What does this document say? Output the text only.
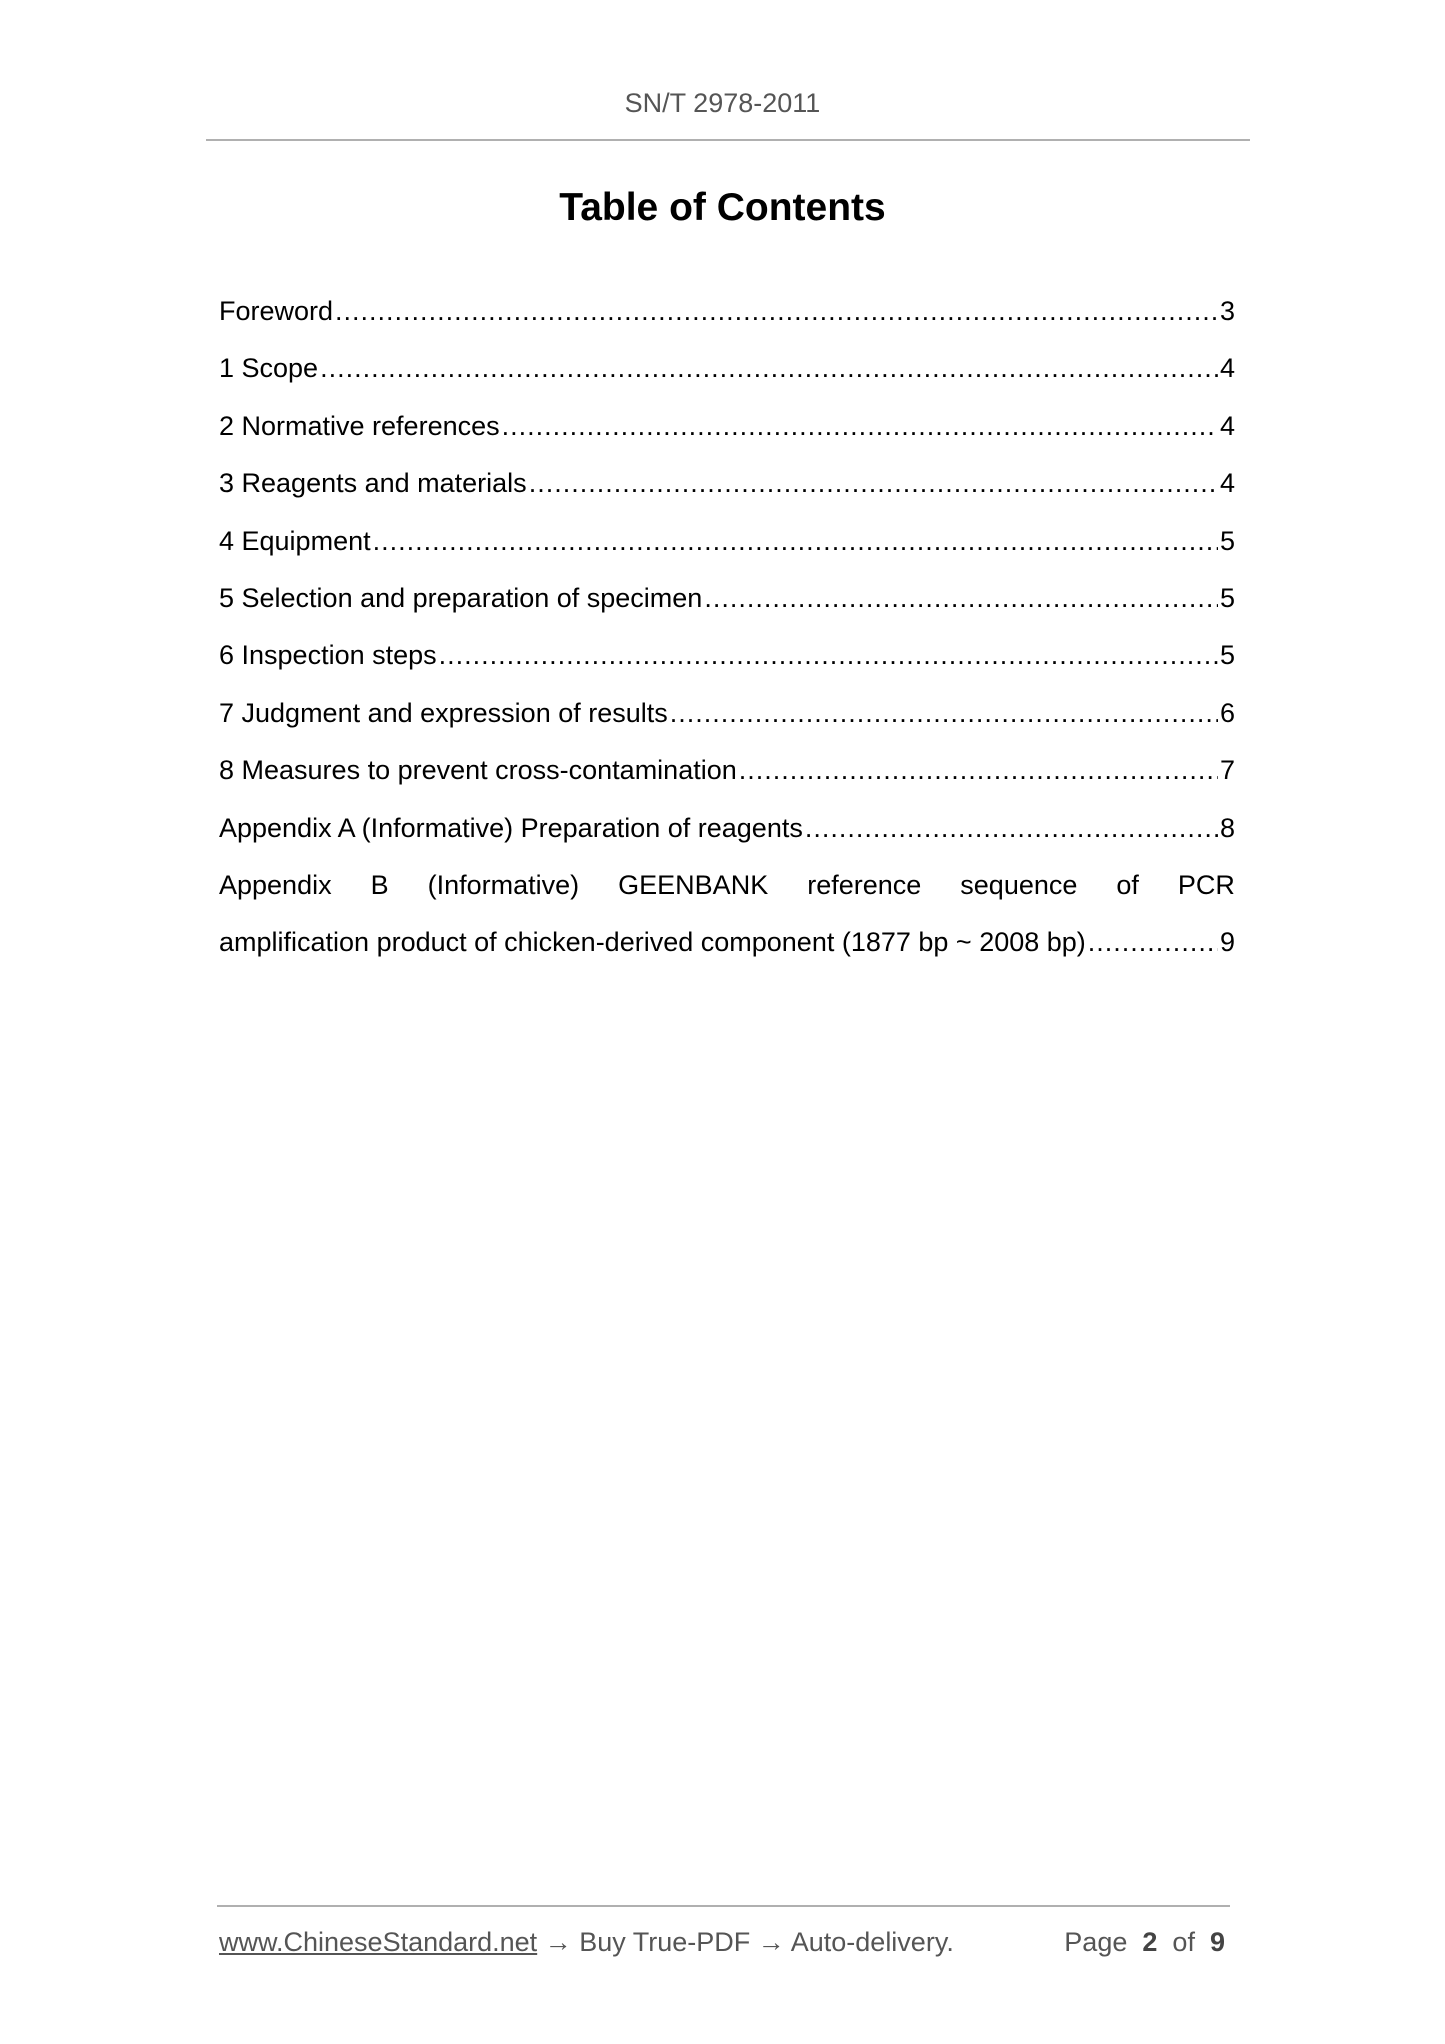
SN/T 2978-2011
Table of Contents
Foreword .....	3
1 Scope .....	4
2 Normative references .....	4
3 Reagents and materials .....	4
4 Equipment .....	5
5 Selection and preparation of specimen .....	5
6 Inspection steps .....	5
7 Judgment and expression of results .....	6
8 Measures to prevent cross-contamination .....	7
Appendix A (Informative) Preparation of reagents .....	8
Appendix B (Informative) GEENBANK reference sequence of PCR
amplification product of chicken-derived component (1877 bp ~ 2008 bp) .....	9
www.ChineseStandard.net → Buy True-PDF → Auto-delivery.	Page 2 of 9
